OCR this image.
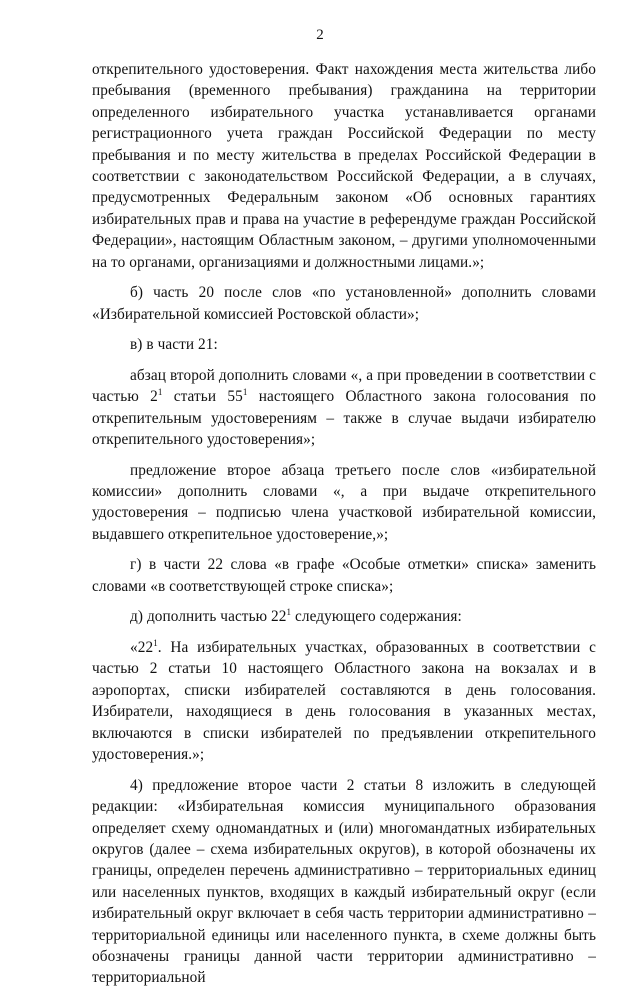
2

открепительного удостоверения. Факт нахождения места жительства либо пребывания (временного пребывания) гражданина на территории определенного избирательного участка устанавливается органами регистрационного учета граждан Российской Федерации по месту пребывания и по месту жительства в пределах Российской Федерации в соответствии с законодательством Российской Федерации, а в случаях, предусмотренных Федеральным законом «Об основных гарантиях избирательных прав и права на участие в референдуме граждан Российской Федерации», настоящим Областным законом, – другими уполномоченными на то органами, организациями и должностными лицами.»;

б) часть 20 после слов «по установленной» дополнить словами «Избирательной комиссией Ростовской области»;

в) в части 21:

абзац второй дополнить словами «, а при проведении в соответствии с частью $2^1$ статьи $55^1$ настоящего Областного закона голосования по открепительным удостоверениям – также в случае выдачи избирателю открепительного удостоверения»;

предложение второе абзаца третьего после слов «избирательной комиссии» дополнить словами «, а при выдаче открепительного удостоверения – подписью члена участковой избирательной комиссии, выдавшего открепительное удостоверение,»;

г) в части 22 слова «в графе «Особые отметки» списка» заменить словами «в соответствующей строке списка»;

д) дополнить частью $22^1$ следующего содержания:

«$22^1$. На избирательных участках, образованных в соответствии с частью 2 статьи 10 настоящего Областного закона на вокзалах и в аэропортах, списки избирателей составляются в день голосования. Избиратели, находящиеся в день голосования в указанных местах, включаются в списки избирателей по предъявлении открепительного удостоверения.»;

4) предложение второе части 2 статьи 8 изложить в следующей редакции: «Избирательная комиссия муниципального образования определяет схему одномандатных и (или) многомандатных избирательных округов (далее – схема избирательных округов), в которой обозначены их границы, определен перечень административно – территориальных единиц или населенных пунктов, входящих в каждый избирательный округ (если избирательный округ включает в себя часть территории административно – территориальной единицы или населенного пункта, в схеме должны быть обозначены границы данной части территории административно – территориальной
